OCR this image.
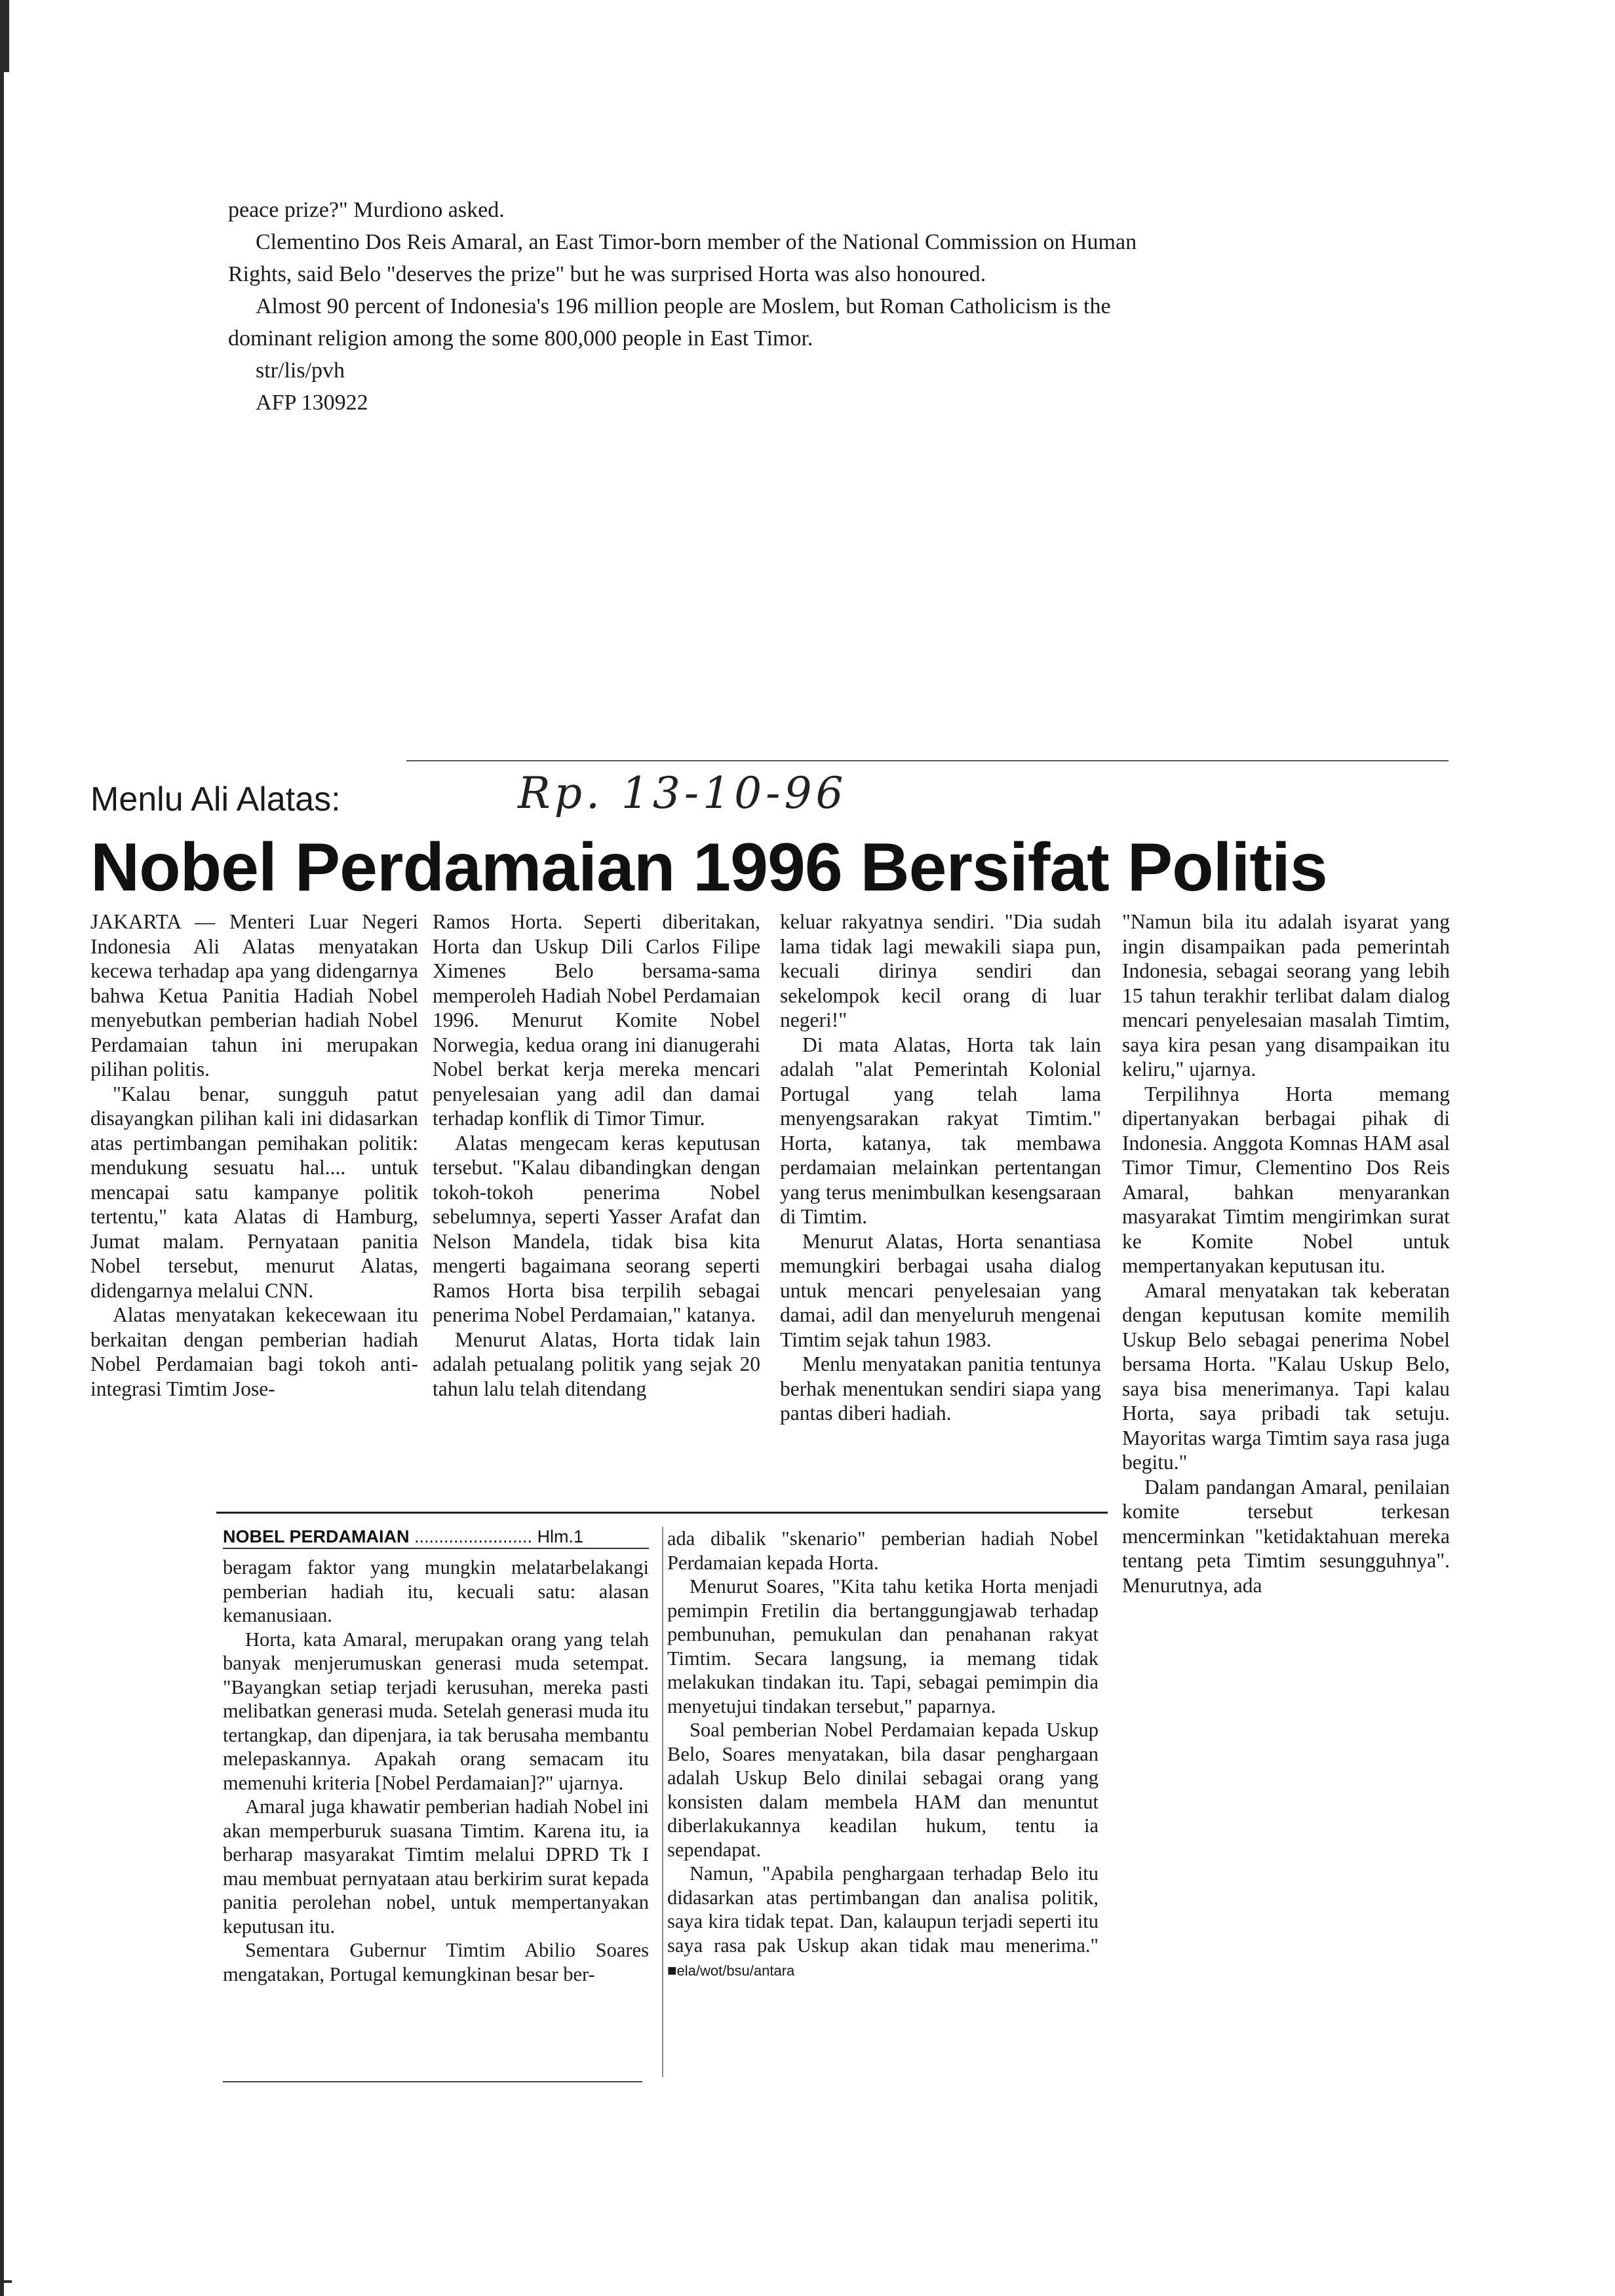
peace prize?" Murdiono asked.

Clementino Dos Reis Amaral, an East Timor-born member of the National Commission on Human Rights, said Belo "deserves the prize" but he was surprised Horta was also honoured.

Almost 90 percent of Indonesia's 196 million people are Moslem, but Roman Catholicism is the dominant religion among the some 800,000 people in East Timor.

str/lis/pvh

AFP 130922

Menlu Ali Alatas:	Rp. 13-10-96
Nobel Perdamaian 1996 Bersifat Politis

JAKARTA — Menteri Luar Negeri Indonesia Ali Alatas menyatakan kecewa terhadap apa yang didengarnya bahwa Ketua Panitia Hadiah Nobel menyebutkan pemberian hadiah Nobel Perdamaian tahun ini merupakan pilihan politis.

"Kalau benar, sungguh patut disayangkan pilihan kali ini didasarkan atas pertimbangan pemihakan politik: mendukung sesuatu hal.... untuk mencapai satu kampanye politik tertentu," kata Alatas di Hamburg, Jumat malam. Pernyataan panitia Nobel tersebut, menurut Alatas, didengarnya melalui CNN.

Alatas menyatakan kekecewaan itu berkaitan dengan pemberian hadiah Nobel Perdamaian bagi tokoh anti-integrasi Timtim Jose-

Ramos Horta. Seperti diberitakan, Horta dan Uskup Dili Carlos Filipe Ximenes Belo bersama-sama memperoleh Hadiah Nobel Perdamaian 1996. Menurut Komite Nobel Norwegia, kedua orang ini dianugerahi Nobel berkat kerja mereka mencari penyelesaian yang adil dan damai terhadap konflik di Timor Timur.

Alatas mengecam keras keputusan tersebut. "Kalau dibandingkan dengan tokoh-tokoh penerima Nobel sebelumnya, seperti Yasser Arafat dan Nelson Mandela, tidak bisa kita mengerti bagaimana seorang seperti Ramos Horta bisa terpilih sebagai penerima Nobel Perdamaian," katanya.

Menurut Alatas, Horta tidak lain adalah petualang politik yang sejak 20 tahun lalu telah ditendang

keluar rakyatnya sendiri. "Dia sudah lama tidak lagi mewakili siapa pun, kecuali dirinya sendiri dan sekelompok kecil orang di luar negeri!"

Di mata Alatas, Horta tak lain adalah "alat Pemerintah Kolonial Portugal yang telah lama menyengsarakan rakyat Timtim." Horta, katanya, tak membawa perdamaian melainkan pertentangan yang terus menimbulkan kesengsaraan di Timtim.

Menurut Alatas, Horta senantiasa memungkiri berbagai usaha dialog untuk mencari penyelesaian yang damai, adil dan menyeluruh mengenai Timtim sejak tahun 1983.

Menlu menyatakan panitia tentunya berhak menentukan sendiri siapa yang pantas diberi hadiah.

"Namun bila itu adalah isyarat yang ingin disampaikan pada pemerintah Indonesia, sebagai seorang yang lebih 15 tahun terakhir terlibat dalam dialog mencari penyelesaian masalah Timtim, saya kira pesan yang disampaikan itu keliru," ujarnya.

Terpilihnya Horta memang dipertanyakan berbagai pihak di Indonesia. Anggota Komnas HAM asal Timor Timur, Clementino Dos Reis Amaral, bahkan menyarankan masyarakat Timtim mengirimkan surat ke Komite Nobel untuk mempertanyakan keputusan itu.

Amaral menyatakan tak keberatan dengan keputusan komite memilih Uskup Belo sebagai penerima Nobel bersama Horta. "Kalau Uskup Belo, saya bisa menerimanya. Tapi kalau Horta, saya pribadi tak setuju. Mayoritas warga Timtim saya rasa juga begitu."

Dalam pandangan Amaral, penilaian komite tersebut terkesan mencerminkan "ketidaktahuan mereka tentang peta Timtim sesungguhnya". Menurutnya, ada

NOBEL PERDAMAIAN ........................ Hlm.1

beragam faktor yang mungkin melatarbelakangi pemberian hadiah itu, kecuali satu: alasan kemanusiaan.

Horta, kata Amaral, merupakan orang yang telah banyak menjerumuskan generasi muda setempat. "Bayangkan setiap terjadi kerusuhan, mereka pasti melibatkan generasi muda. Setelah generasi muda itu tertangkap, dan dipenjara, ia tak berusaha membantu melepaskannya. Apakah orang semacam itu memenuhi kriteria [Nobel Perdamaian]?" ujarnya.

Amaral juga khawatir pemberian hadiah Nobel ini akan memperburuk suasana Timtim. Karena itu, ia berharap masyarakat Timtim melalui DPRD Tk I mau membuat pernyataan atau berkirim surat kepada panitia perolehan nobel, untuk mempertanyakan keputusan itu.

Sementara Gubernur Timtim Abilio Soares mengatakan, Portugal kemungkinan besar ber-

ada dibalik "skenario" pemberian hadiah Nobel Perdamaian kepada Horta.

Menurut Soares, "Kita tahu ketika Horta menjadi pemimpin Fretilin dia bertanggungjawab terhadap pembunuhan, pemukulan dan penahanan rakyat Timtim. Secara langsung, ia memang tidak melakukan tindakan itu. Tapi, sebagai pemimpin dia menyetujui tindakan tersebut," paparnya.

Soal pemberian Nobel Perdamaian kepada Uskup Belo, Soares menyatakan, bila dasar penghargaan adalah Uskup Belo dinilai sebagai orang yang konsisten dalam membela HAM dan menuntut diberlakukannya keadilan hukum, tentu ia sependapat.

Namun, "Apabila penghargaan terhadap Belo itu didasarkan atas pertimbangan dan analisa politik, saya kira tidak tepat. Dan, kalaupun terjadi seperti itu saya rasa pak Uskup akan tidak mau menerima." ■ela/wot/bsu/antara
